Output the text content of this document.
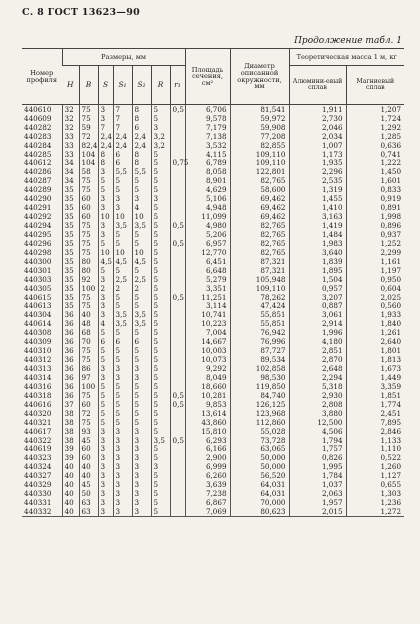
С. 8 ГОСТ 13623—90
Продолжение табл. 1
Номер профиля	Размеры, мм							Площадь сечения, см²	Диаметр описанной окружности, мм	Теоретическая масса 1 м, кг	
	H	B	S	S₁	S₂	R	r₁			Алюмини-евый сплав	Магниевый сплав
440610	32	75	3	7	8	5	0,5	6,706	81,541	1,911	1,207
440609	32	75	3	7	8	5		9,578	59,972	2,730	1,724
440282	32	59	7	7	6	3		7,179	59,908	2,046	1,292
440283	33	72	2,4	2,4	2,4	3,2		7,138	77,208	2,034	1,285
440284	33	82,4	2,4	2,4	2,4	3,2		3,532	82,855	1,007	0,636
440285	33	104	8	6	8	5		4,115	109,110	1,173	0,741
440612	34	104	8	6	8	5	0,75	6,789	109,110	1,935	1,222
440286	34	58	3	5,5	5,5	5		8,058	122,801	2,296	1,450
440287	34	75	5	5	5	5		8,901	82,765	2,535	1,601
440289	35	75	5	5	5	5		4,629	58,600	1,319	0,833
440290	35	60	3	3	3	3		5,106	69,462	1,455	0,919
440291	35	60	3	3	4	5		4,948	69,462	1,410	0,891
440292	35	60	10	10	10	5		11,099	69,462	3,163	1,998
440294	35	75	3	3,5	3,5	5	0,5	4,980	82,765	1,419	0,896
440295	35	75	3	5	5	5		5,206	82,765	1,484	0,937
440296	35	75	5	5	5	5	0,5	6,957	82,765	1,983	1,252
440298	35	75	10	10	10	5		12,770	82,765	3,640	2,299
440300	35	80	4,5	4,5	4,5	5		6,451	87,321	1,839	1,161
440301	35	80	5	5	5	5		6,648	87,321	1,895	1,197
440303	35	92	3	2,5	2,5	5		5,279	105,948	1,504	0,950
440305	35	100	2	2	2	5		3,351	109,110	0,957	0,604
440615	35	75	3	5	5	5	0,5	11,251	78,262	3,207	2,025
440613	35	75	3	5	5	5		3,114	47,424	0,887	0,560
440304	36	40	3	3,5	3,5	5		10,741	55,851	3,061	1,933
440614	36	48	4	3,5	3,5	5		10,223	55,851	2,914	1,840
440308	36	68	5	5	5	5		7,004	76,942	1,996	1,261
440309	36	70	6	6	6	5		14,667	76,996	4,180	2,640
440310	36	75	5	5	5	5		10,003	87,727	2,851	1,801
440312	36	75	5	5	5	5		10,073	89,534	2,870	1,813
440313	36	86	3	3	3	5		9,292	102,858	2,648	1,673
440314	36	97	3	3	3	5		8,049	98,530	2,294	1,449
440316	36	100	5	5	5	5		18,660	119,850	5,318	3,359
440318	36	75	5	5	5	5	0,5	10,281	84,740	2,930	1,851
440616	37	60	5	5	5	5	0,5	9,853	126,125	2,808	1,774
440320	38	72	5	5	5	5		13,614	123,968	3,880	2,451
440321	38	75	5	5	5	5		43,860	112,860	12,500	7,895
440617	38	93	3	3	3	5		15,810	55,028	4,506	2,846
440322	38	45	3	3	3	3,5	0,5	6,293	73,728	1,794	1,133
440619	39	60	3	3	3	5		6,166	63,065	1,757	1,110
440323	39	60	3	3	3	5		2,900	50,000	0,826	0,522
440324	40	40	3	3	3	3		6,999	50,000	1,995	1,260
440327	40	40	3	3	3	5		6,260	56,520	1,784	1,127
440329	40	45	3	3	3	5		3,639	64,031	1,037	0,655
440330	40	50	3	3	3	5		7,238	64,031	2,063	1,303
440331	40	63	3	3	3	5		6,867	70,000	1,957	1,236
440332	40	63	3	3	3	5		7,069	80,623	2,015	1,272
